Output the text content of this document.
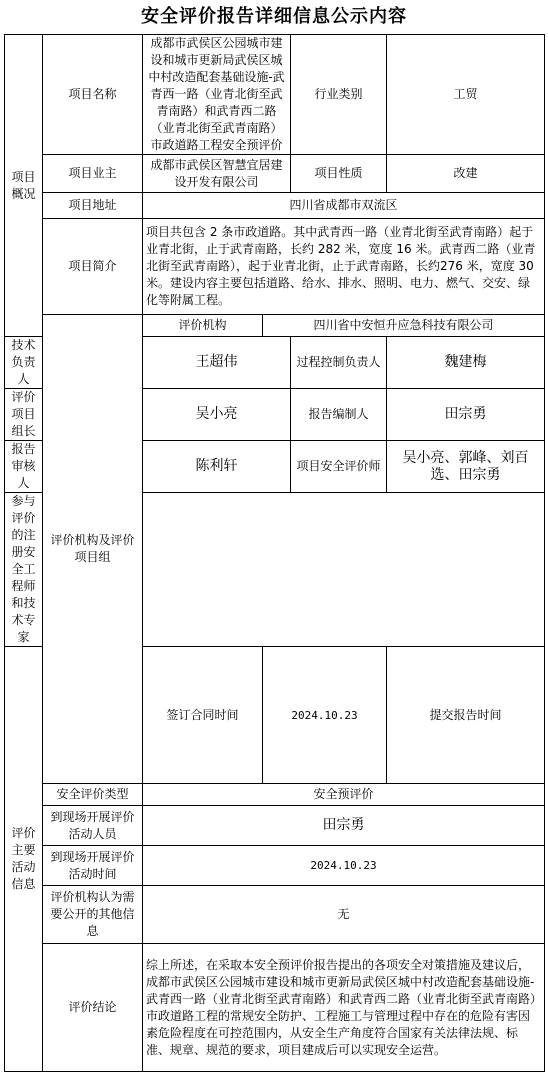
安全评价报告详细信息公示内容
项目概况	项目名称	成都市武侯区公园城市建设和城市更新局武侯区城中村改造配套基础设施-武青西一路（业青北街至武青南路）和武青西二路（业青北街至武青南路）市政道路工程安全预评价		行业类别	工贸	
	项目业主	成都市武侯区智慧宜居建设开发有限公司		项目性质	改建	
	项目地址	四川省成都市双流区				
	项目简介	项目共包含 2 条市政道路。其中武青西一路（业青北街至武青南路）起于业青北街，止于武青南路，长约 282 米，宽度 16 米。武青西二路（业青北街至武青南路），起于业青北街，止于武青南路，长约276 米，宽度 30 米。建设内容主要包括道路、给水、排水、照明、电力、燃气、交安、绿化等附属工程。				
	评价机构及评价项目组	评价机构	四川省中安恒升应急科技有限公司			
技术负责人		王超伟		过程控制负责人	魏建梅	
评价项目组长		吴小亮		报告编制人	田宗勇	
报告审核人		陈利轩		项目安全评价师	吴小亮、郭峰、刘百选、田宗勇	
参与评价的注册安全工程师和技术专家						
评价主要活动信息		签订合同时间	2024.10.23		提交报告时间	
	安全评价类型	安全预评价				
	到现场开展评价活动人员	田宗勇				
	到现场开展评价活动时间	2024.10.23				
	评价机构认为需要公开的其他信息	无				
	评价结论	综上所述，在采取本安全预评价报告提出的各项安全对策措施及建议后，成都市武侯区公园城市建设和城市更新局武侯区城中村改造配套基础设施-武青西一路（业青北街至武青南路）和武青西二路（业青北街至武青南路）市政道路工程的常规安全防护、工程施工与管理过程中存在的危险有害因素危险程度在可控范围内，从安全生产角度符合国家有关法律法规、标准、规章、规范的要求，项目建成后可以实现安全运营。				
